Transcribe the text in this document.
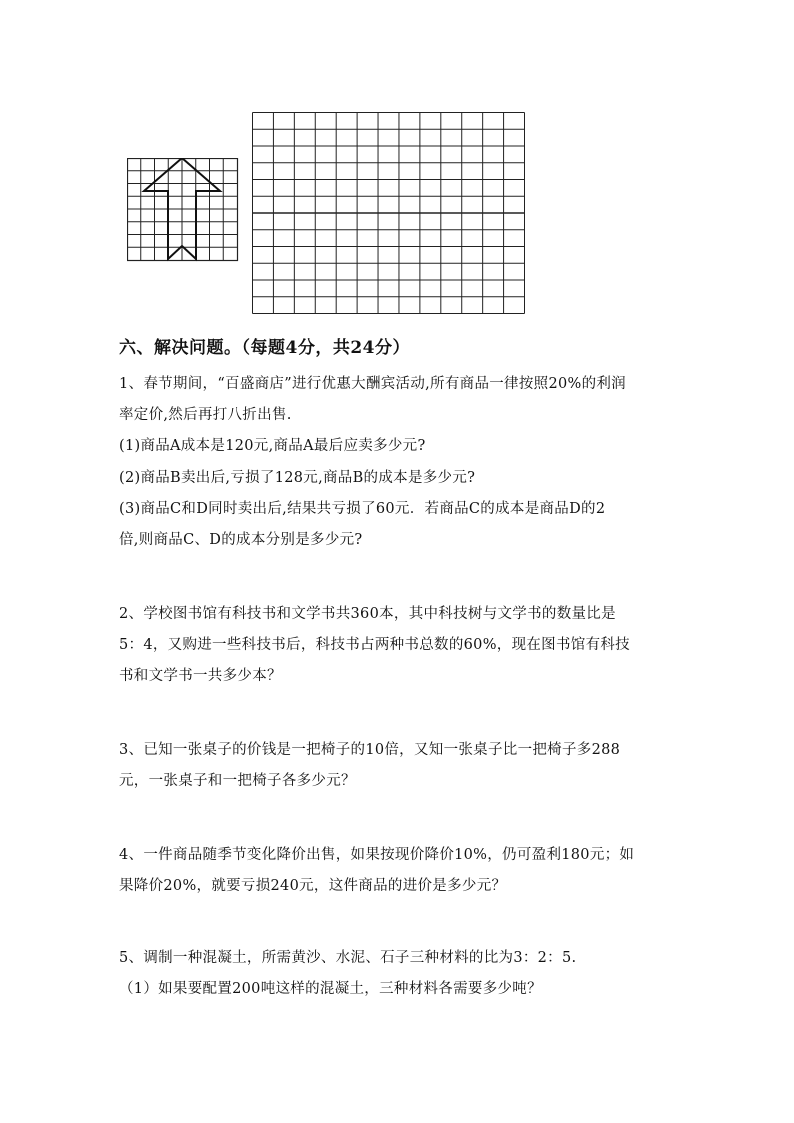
六、解决问题。（每题4分，共24分）
1、春节期间，“百盛商店”进行优惠大酬宾活动,所有商品一律按照20%的利润
率定价,然后再打八折出售.
(1)商品A成本是120元,商品A最后应卖多少元?
(2)商品B卖出后,亏损了128元,商品B的成本是多少元?
(3)商品C和D同时卖出后,结果共亏损了60元．若商品C的成本是商品D的2
倍,则商品C、D的成本分别是多少元?
2、学校图书馆有科技书和文学书共360本，其中科技树与文学书的数量比是
5：4，又购进一些科技书后，科技书占两种书总数的60%，现在图书馆有科技
书和文学书一共多少本？
3、已知一张桌子的价钱是一把椅子的10倍，又知一张桌子比一把椅子多288
元，一张桌子和一把椅子各多少元？
4、一件商品随季节变化降价出售，如果按现价降价10%，仍可盈利180元；如
果降价20%，就要亏损240元，这件商品的进价是多少元？
5、调制一种混凝土，所需黄沙、水泥、石子三种材料的比为3：2：5.
（1）如果要配置200吨这样的混凝土，三种材料各需要多少吨？
